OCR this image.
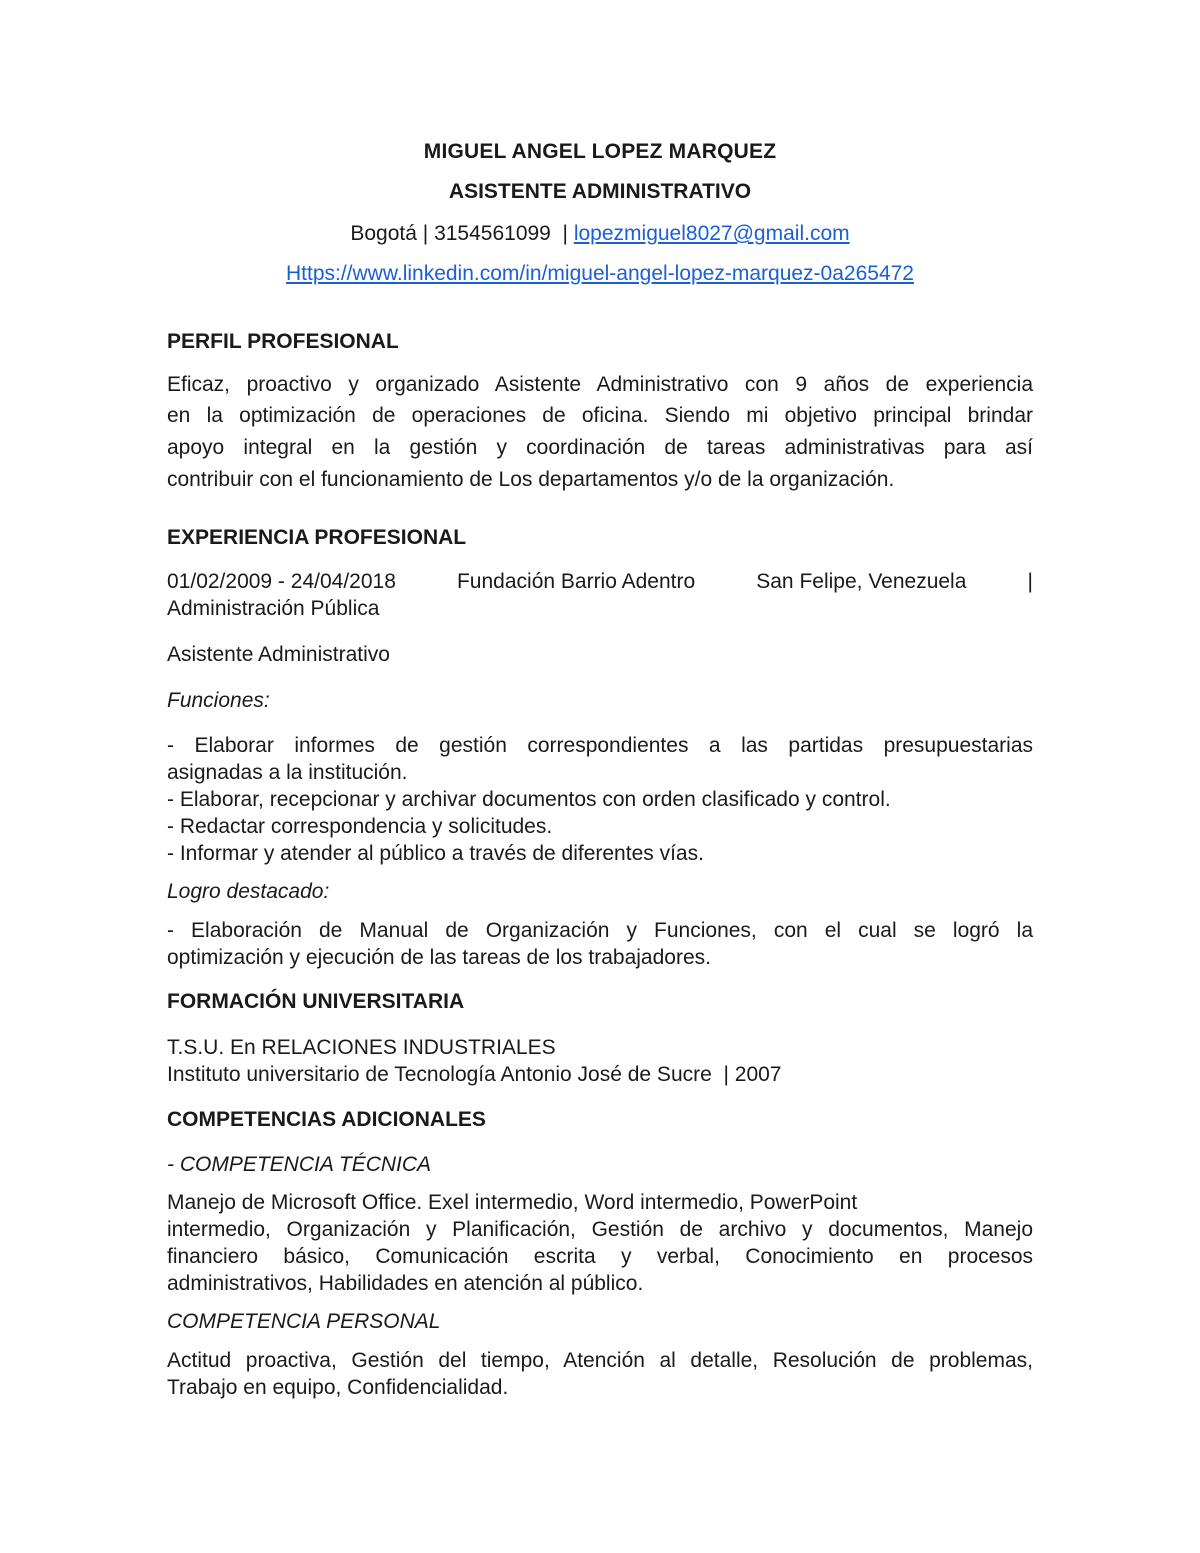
MIGUEL ANGEL LOPEZ MARQUEZ
ASISTENTE ADMINISTRATIVO
Bogotá | 3154561099  | lopezmiguel8027@gmail.com
Https://www.linkedin.com/in/miguel-angel-lopez-marquez-0a265472
PERFIL PROFESIONAL
Eficaz, proactivo y organizado Asistente Administrativo con 9 años de experiencia
en la optimización de operaciones de oficina. Siendo mi objetivo principal brindar
apoyo integral en la gestión y coordinación de tareas administrativas para así
contribuir con el funcionamiento de Los departamentos y/o de la organización.
EXPERIENCIA PROFESIONAL
01/02/2009 - 24/04/2018	Fundación Barrio Adentro	San Felipe, Venezuela	|
Administración Pública
Asistente Administrativo
Funciones:
- Elaborar informes de gestión correspondientes a las partidas presupuestarias
asignadas a la institución.
- Elaborar, recepcionar y archivar documentos con orden clasificado y control.
- Redactar correspondencia y solicitudes.
- Informar y atender al público a través de diferentes vías.
Logro destacado:
- Elaboración de Manual de Organización y Funciones, con el cual se logró la
optimización y ejecución de las tareas de los trabajadores.
FORMACIÓN UNIVERSITARIA
T.S.U. En RELACIONES INDUSTRIALES
Instituto universitario de Tecnología Antonio José de Sucre  | 2007
COMPETENCIAS ADICIONALES
- COMPETENCIA TÉCNICA
Manejo de Microsoft Office. Exel intermedio, Word intermedio, PowerPoint
intermedio, Organización y Planificación, Gestión de archivo y documentos, Manejo
financiero básico, Comunicación escrita y verbal, Conocimiento en procesos
administrativos, Habilidades en atención al público.
COMPETENCIA PERSONAL
Actitud proactiva, Gestión del tiempo, Atención al detalle, Resolución de problemas,
Trabajo en equipo, Confidencialidad.
